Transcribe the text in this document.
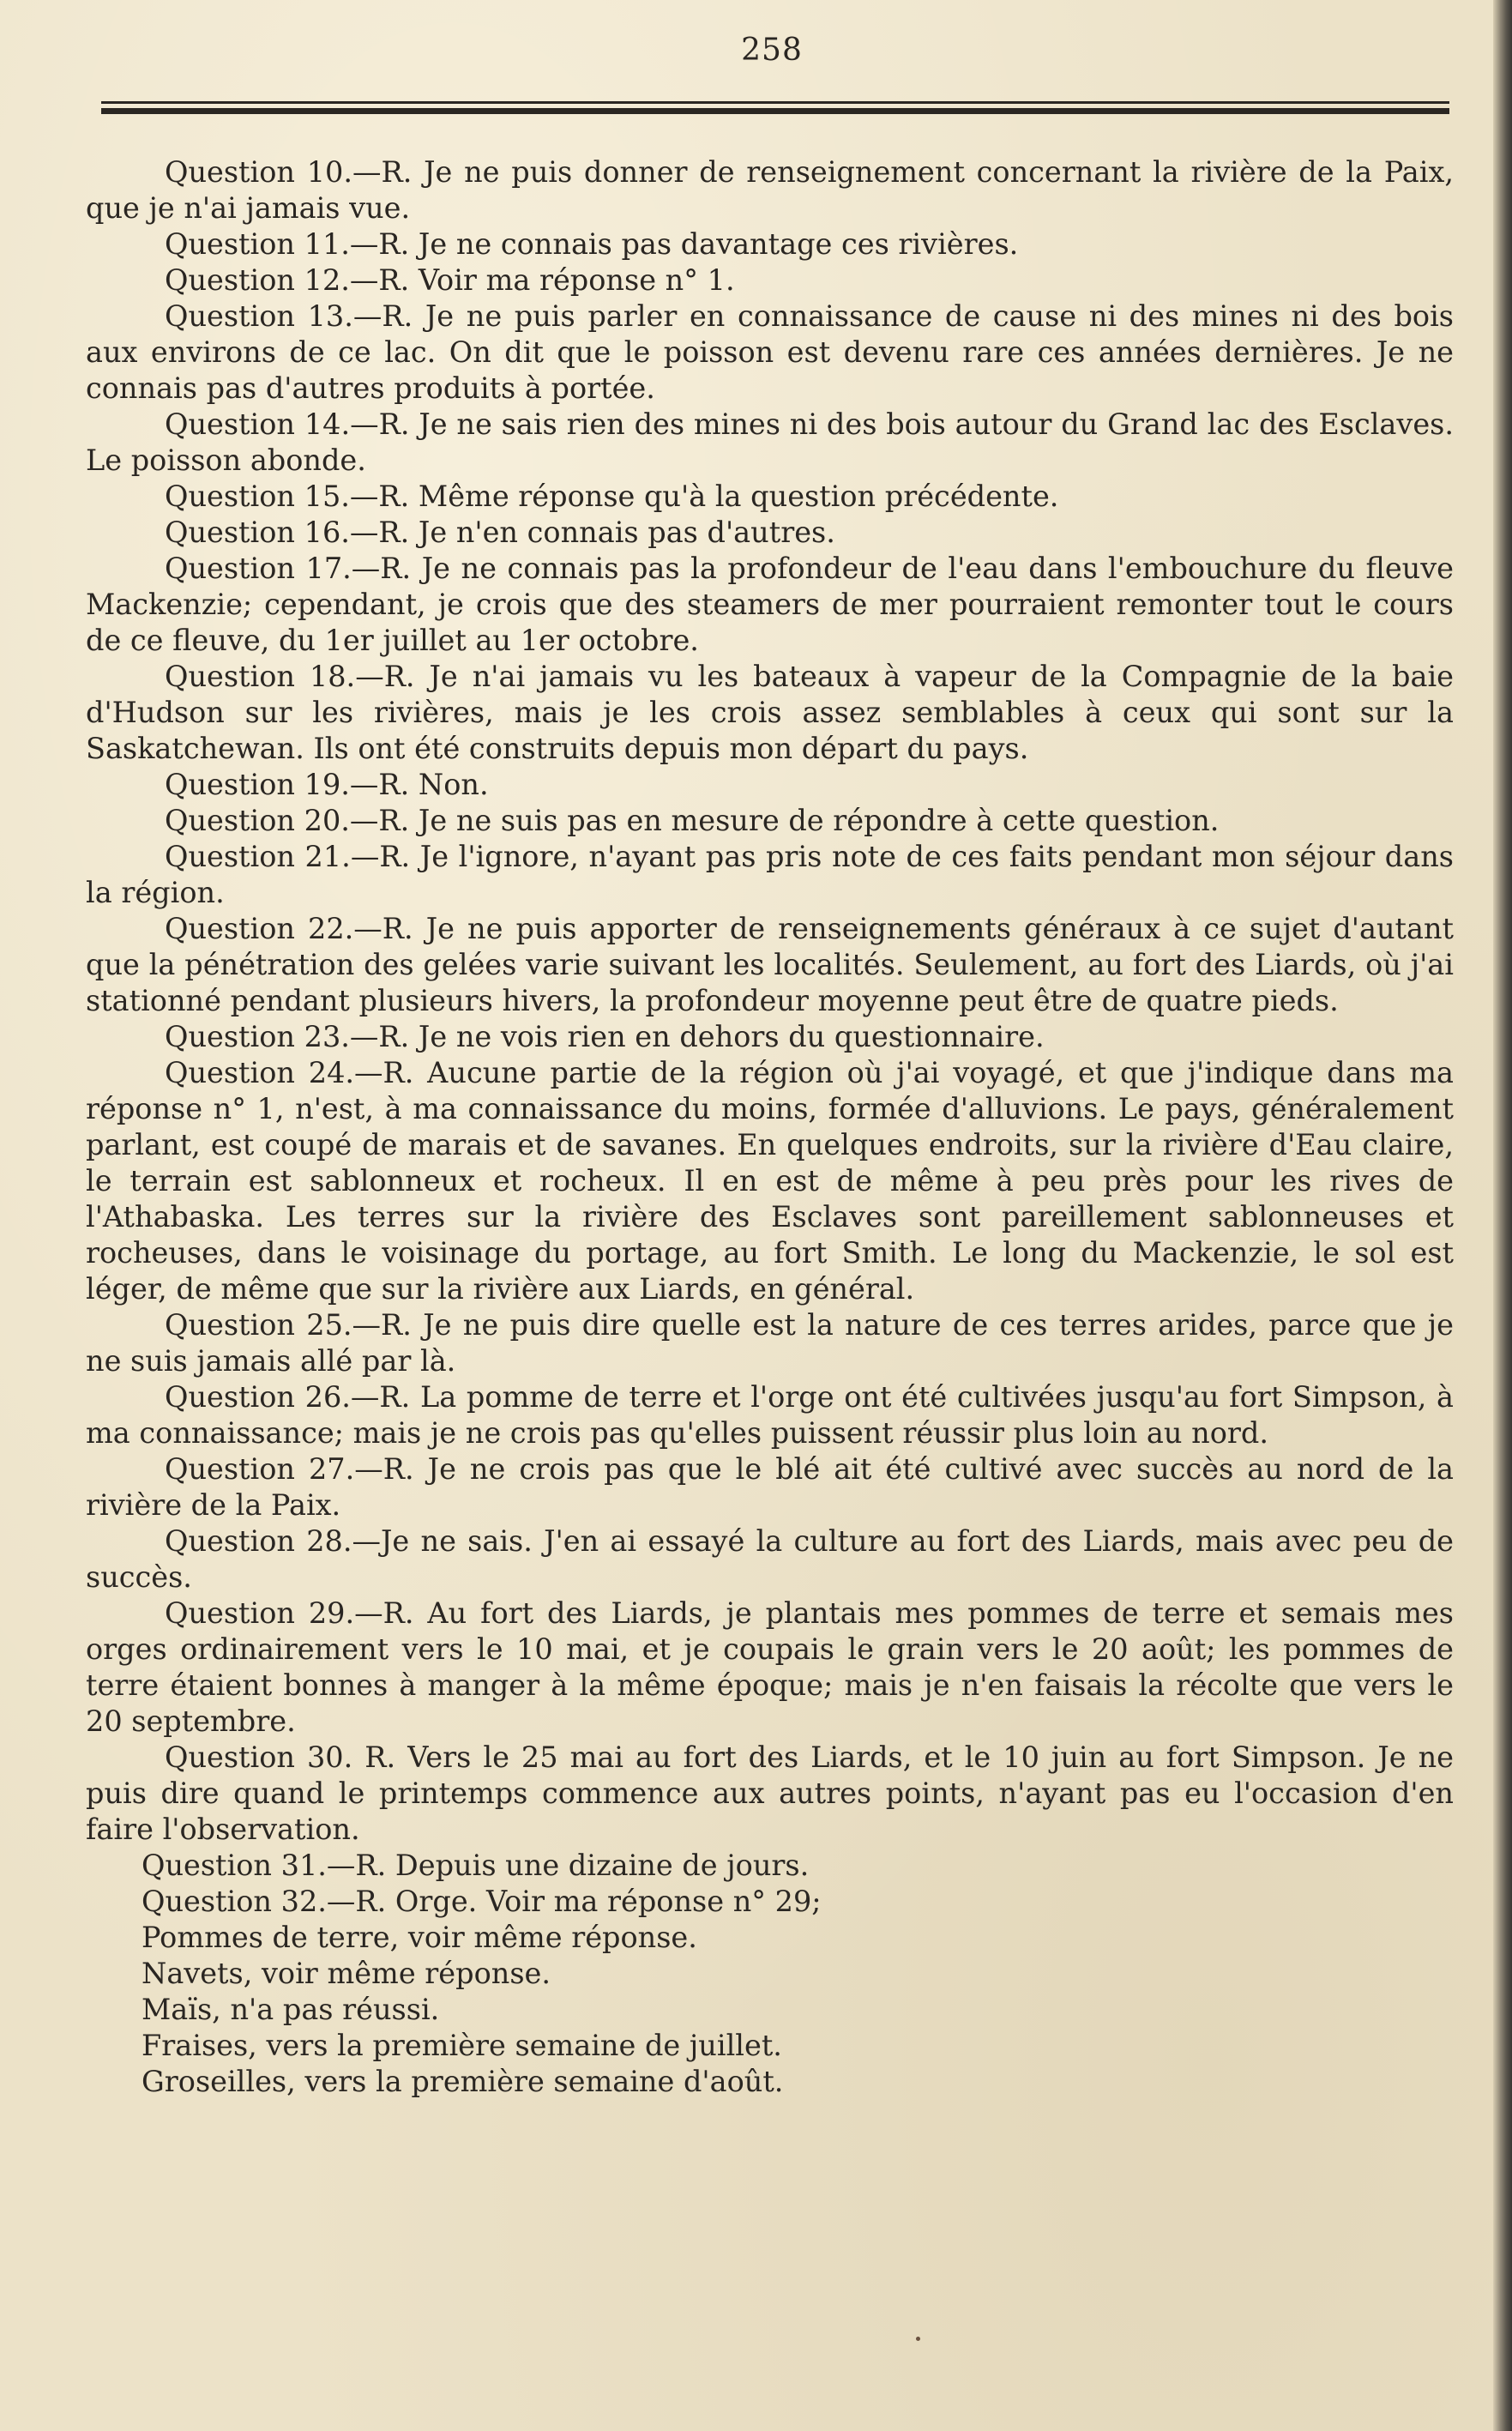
258

Question 10.—R. Je ne puis donner de renseignement concernant la rivière de la Paix, que je n'ai jamais vue.

Question 11.—R. Je ne connais pas davantage ces rivières.

Question 12.—R. Voir ma réponse n° 1.

Question 13.—R. Je ne puis parler en connaissance de cause ni des mines ni des bois aux environs de ce lac. On dit que le poisson est devenu rare ces années dernières. Je ne connais pas d'autres produits à portée.

Question 14.—R. Je ne sais rien des mines ni des bois autour du Grand lac des Esclaves. Le poisson abonde.

Question 15.—R. Même réponse qu'à la question précédente.

Question 16.—R. Je n'en connais pas d'autres.

Question 17.—R. Je ne connais pas la profondeur de l'eau dans l'embouchure du fleuve Mackenzie; cependant, je crois que des steamers de mer pourraient remonter tout le cours de ce fleuve, du 1er juillet au 1er octobre.

Question 18.—R. Je n'ai jamais vu les bateaux à vapeur de la Compagnie de la baie d'Hudson sur les rivières, mais je les crois assez semblables à ceux qui sont sur la Saskatchewan. Ils ont été construits depuis mon départ du pays.

Question 19.—R. Non.

Question 20.—R. Je ne suis pas en mesure de répondre à cette question.

Question 21.—R. Je l'ignore, n'ayant pas pris note de ces faits pendant mon séjour dans la région.

Question 22.—R. Je ne puis apporter de renseignements généraux à ce sujet d'autant que la pénétration des gelées varie suivant les localités. Seulement, au fort des Liards, où j'ai stationné pendant plusieurs hivers, la profondeur moyenne peut être de quatre pieds.

Question 23.—R. Je ne vois rien en dehors du questionnaire.

Question 24.—R. Aucune partie de la région où j'ai voyagé, et que j'indique dans ma réponse n° 1, n'est, à ma connaissance du moins, formée d'alluvions. Le pays, généralement parlant, est coupé de marais et de savanes. En quelques endroits, sur la rivière d'Eau claire, le terrain est sablonneux et rocheux. Il en est de même à peu près pour les rives de l'Athabaska. Les terres sur la rivière des Esclaves sont pareillement sablonneuses et rocheuses, dans le voisinage du portage, au fort Smith. Le long du Mackenzie, le sol est léger, de même que sur la rivière aux Liards, en général.

Question 25.—R. Je ne puis dire quelle est la nature de ces terres arides, parce que je ne suis jamais allé par là.

Question 26.—R. La pomme de terre et l'orge ont été cultivées jusqu'au fort Simpson, à ma connaissance; mais je ne crois pas qu'elles puissent réussir plus loin au nord.

Question 27.—R. Je ne crois pas que le blé ait été cultivé avec succès au nord de la rivière de la Paix.

Question 28.—Je ne sais. J'en ai essayé la culture au fort des Liards, mais avec peu de succès.

Question 29.—R. Au fort des Liards, je plantais mes pommes de terre et semais mes orges ordinairement vers le 10 mai, et je coupais le grain vers le 20 août; les pommes de terre étaient bonnes à manger à la même époque; mais je n'en faisais la récolte que vers le 20 septembre.

Question 30. R. Vers le 25 mai au fort des Liards, et le 10 juin au fort Simpson. Je ne puis dire quand le printemps commence aux autres points, n'ayant pas eu l'occasion d'en faire l'observation.

Question 31.—R. Depuis une dizaine de jours.

Question 32.—R. Orge. Voir ma réponse n° 29;

Pommes de terre, voir même réponse.

Navets, voir même réponse.

Maïs, n'a pas réussi.

Fraises, vers la première semaine de juillet.

Groseilles, vers la première semaine d'août.
